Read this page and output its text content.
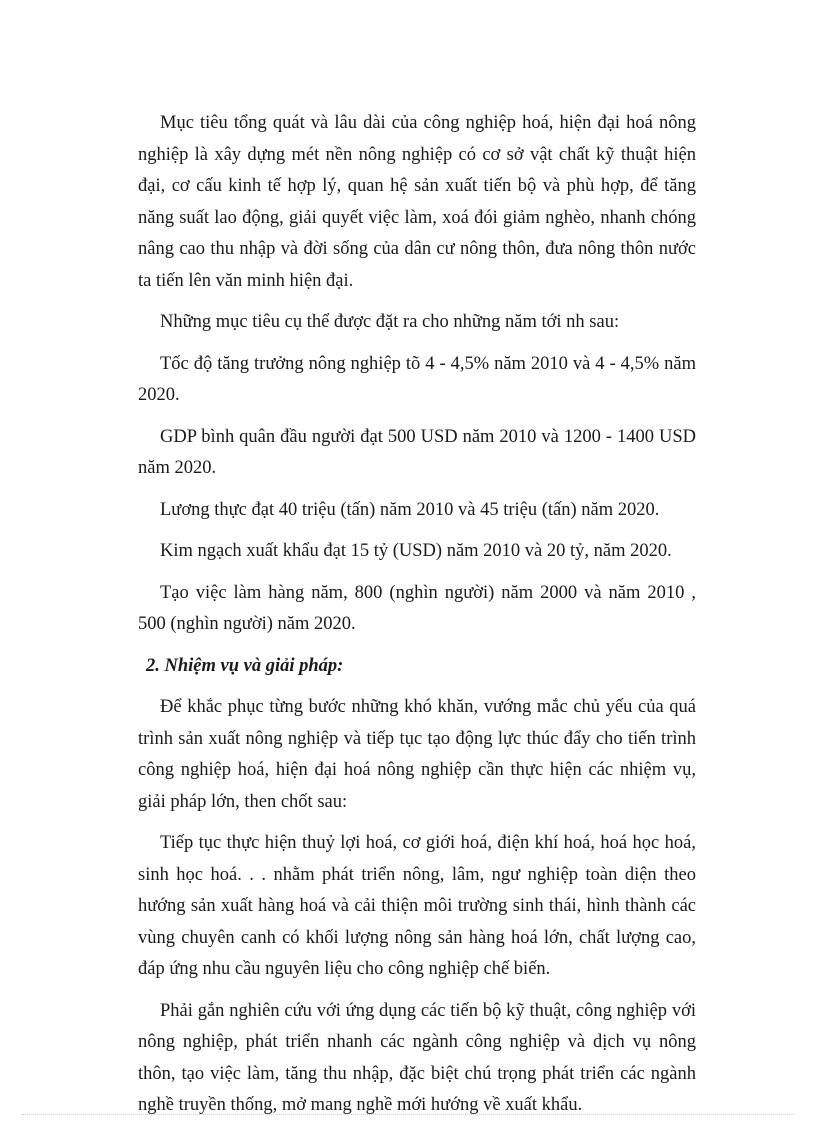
Mục tiêu tổng quát và lâu dài của công nghiệp hoá, hiện đại hoá nông nghiệp là xây dựng mét nền nông nghiệp có cơ sở vật chất kỹ thuật hiện đại, cơ cấu kinh tế hợp lý, quan hệ sản xuất tiến bộ và phù hợp, để tăng năng suất lao động, giải quyết việc làm, xoá đói giảm nghèo, nhanh chóng nâng cao thu nhập và đời sống của dân cư nông thôn, đưa nông thôn nước ta tiến lên văn minh hiện đại.

Những mục tiêu cụ thể được đặt ra cho những năm tới nh sau:

Tốc độ tăng trưởng nông nghiệp tõ 4 - 4,5% năm 2010 và 4 - 4,5% năm 2020.

GDP bình quân đầu người đạt 500 USD năm 2010 và 1200 - 1400 USD năm 2020.

Lương thực đạt 40 triệu (tấn) năm 2010 và 45 triệu (tấn) năm 2020.

Kim ngạch xuất khẩu đạt 15 tỷ (USD) năm 2010 và 20 tỷ, năm 2020.

Tạo việc làm hàng năm, 800 (nghìn người) năm 2000 và năm 2010 , 500 (nghìn người) năm 2020.

2. Nhiệm vụ và giải pháp:

Để khắc phục từng bước những khó khăn, vướng mắc chủ yếu của quá trình sản xuất nông nghiệp và tiếp tục tạo động lực thúc đẩy cho tiến trình công nghiệp hoá, hiện đại hoá nông nghiệp cần thực hiện các nhiệm vụ, giải pháp lớn, then chốt sau:

Tiếp tục thực hiện thuỷ lợi hoá, cơ giới hoá, điện khí hoá, hoá học hoá, sinh học hoá. . . nhằm phát triển nông, lâm, ngư nghiệp toàn diện theo hướng sản xuất hàng hoá và cải thiện môi trường sinh thái, hình thành các vùng chuyên canh có khối lượng nông sản hàng hoá lớn, chất lượng cao, đáp ứng nhu cầu nguyên liệu cho công nghiệp chế biến.

Phải gắn nghiên cứu với ứng dụng các tiến bộ kỹ thuật, công nghiệp với nông nghiệp, phát triển nhanh các ngành công nghiệp và dịch vụ nông thôn, tạo việc làm, tăng thu nhập, đặc biệt chú trọng phát triển các ngành nghề truyền thống, mở mang nghề mới hướng về xuất khẩu.
